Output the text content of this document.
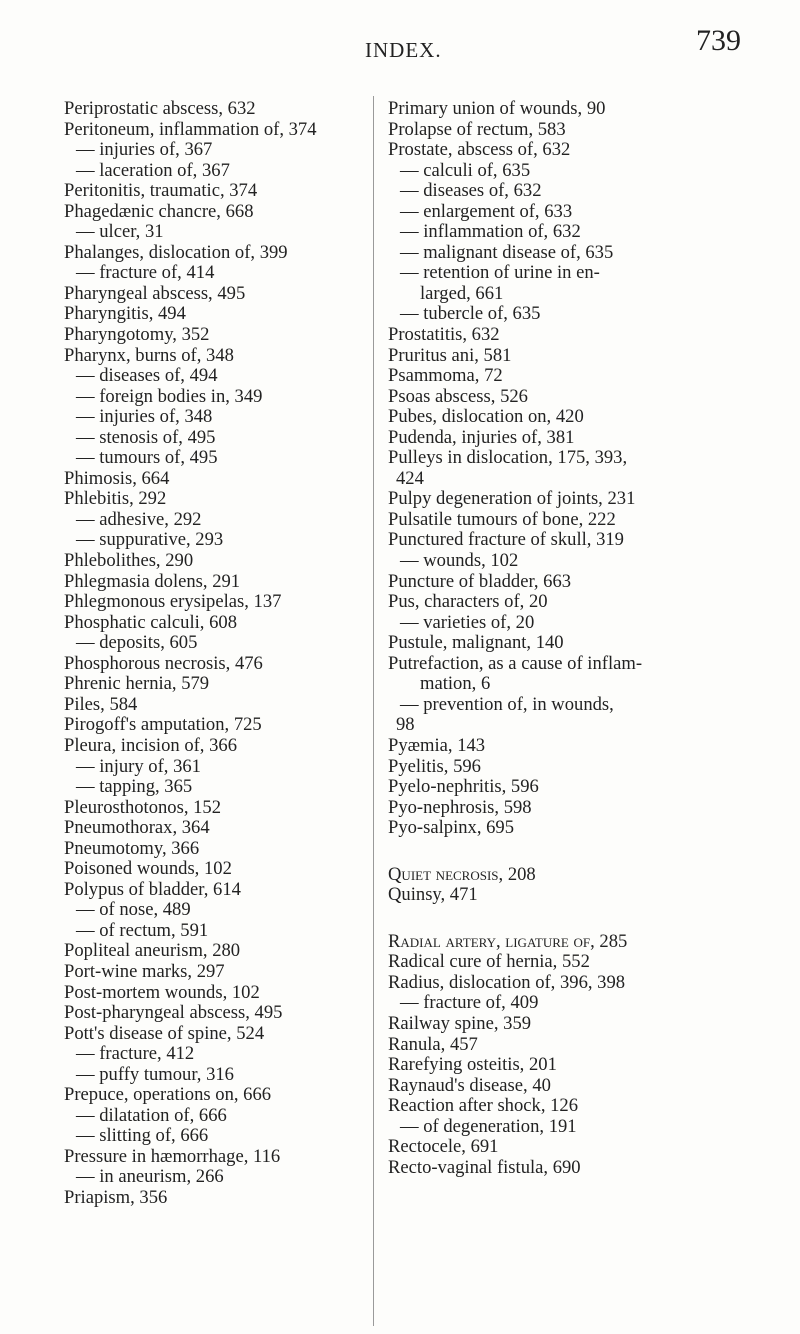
INDEX.	739
Periprostatic abscess, 632
Peritoneum, inflammation of, 374
— injuries of, 367
— laceration of, 367
Peritonitis, traumatic, 374
Phagedænic chancre, 668
— ulcer, 31
Phalanges, dislocation of, 399
— fracture of, 414
Pharyngeal abscess, 495
Pharyngitis, 494
Pharyngotomy, 352
Pharynx, burns of, 348
— diseases of, 494
— foreign bodies in, 349
— injuries of, 348
— stenosis of, 495
— tumours of, 495
Phimosis, 664
Phlebitis, 292
— adhesive, 292
— suppurative, 293
Phlebolithes, 290
Phlegmasia dolens, 291
Phlegmonous erysipelas, 137
Phosphatic calculi, 608
— deposits, 605
Phosphorous necrosis, 476
Phrenic hernia, 579
Piles, 584
Pirogoff's amputation, 725
Pleura, incision of, 366
— injury of, 361
— tapping, 365
Pleurosthotonos, 152
Pneumothorax, 364
Pneumotomy, 366
Poisoned wounds, 102
Polypus of bladder, 614
— of nose, 489
— of rectum, 591
Popliteal aneurism, 280
Port-wine marks, 297
Post-mortem wounds, 102
Post-pharyngeal abscess, 495
Pott's disease of spine, 524
— fracture, 412
— puffy tumour, 316
Prepuce, operations on, 666
— dilatation of, 666
— slitting of, 666
Pressure in hæmorrhage, 116
— in aneurism, 266
Priapism, 356
Primary union of wounds, 90
Prolapse of rectum, 583
Prostate, abscess of, 632
— calculi of, 635
— diseases of, 632
— enlargement of, 633
— inflammation of, 632
— malignant disease of, 635
— retention of urine in en-
larged, 661
— tubercle of, 635
Prostatitis, 632
Pruritus ani, 581
Psammoma, 72
Psoas abscess, 526
Pubes, dislocation on, 420
Pudenda, injuries of, 381
Pulleys in dislocation, 175, 393,
424
Pulpy degeneration of joints, 231
Pulsatile tumours of bone, 222
Punctured fracture of skull, 319
— wounds, 102
Puncture of bladder, 663
Pus, characters of, 20
— varieties of, 20
Pustule, malignant, 140
Putrefaction, as a cause of inflam-
mation, 6
— prevention of, in wounds,
98
Pyæmia, 143
Pyelitis, 596
Pyelo-nephritis, 596
Pyo-nephrosis, 598
Pyo-salpinx, 695
Quiet necrosis, 208
Quinsy, 471
Radial artery, ligature of, 285
Radical cure of hernia, 552
Radius, dislocation of, 396, 398
— fracture of, 409
Railway spine, 359
Ranula, 457
Rarefying osteitis, 201
Raynaud's disease, 40
Reaction after shock, 126
— of degeneration, 191
Rectocele, 691
Recto-vaginal fistula, 690
